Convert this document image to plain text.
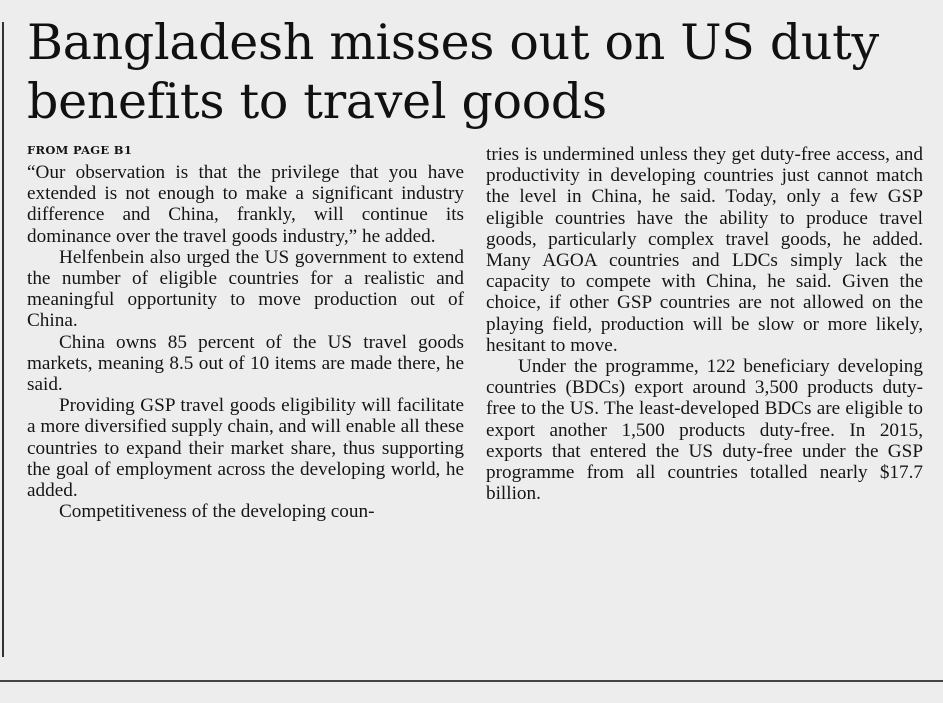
Bangladesh misses out on US duty benefits to travel goods
FROM PAGE B1

“Our observation is that the privilege that you have extended is not enough to make a significant industry difference and China, frankly, will continue its dominance over the travel goods industry,” he added.

Helfenbein also urged the US government to extend the number of eligible countries for a realistic and meaningful opportunity to move production out of China.

China owns 85 percent of the US travel goods markets, meaning 8.5 out of 10 items are made there, he said.

Providing GSP travel goods eligibility will facilitate a more diversified supply chain, and will enable all these countries to expand their market share, thus supporting the goal of employment across the developing world, he added.

Competitiveness of the developing coun-

tries is undermined unless they get duty-free access, and productivity in developing countries just cannot match the level in China, he said. Today, only a few GSP eligible countries have the ability to produce travel goods, particularly complex travel goods, he added. Many AGOA countries and LDCs simply lack the capacity to compete with China, he said. Given the choice, if other GSP countries are not allowed on the playing field, production will be slow or more likely, hesitant to move.

Under the programme, 122 beneficiary developing countries (BDCs) export around 3,500 products duty-free to the US. The least-developed BDCs are eligible to export another 1,500 products duty-free. In 2015, exports that entered the US duty-free under the GSP programme from all countries totalled nearly $17.7 billion.
